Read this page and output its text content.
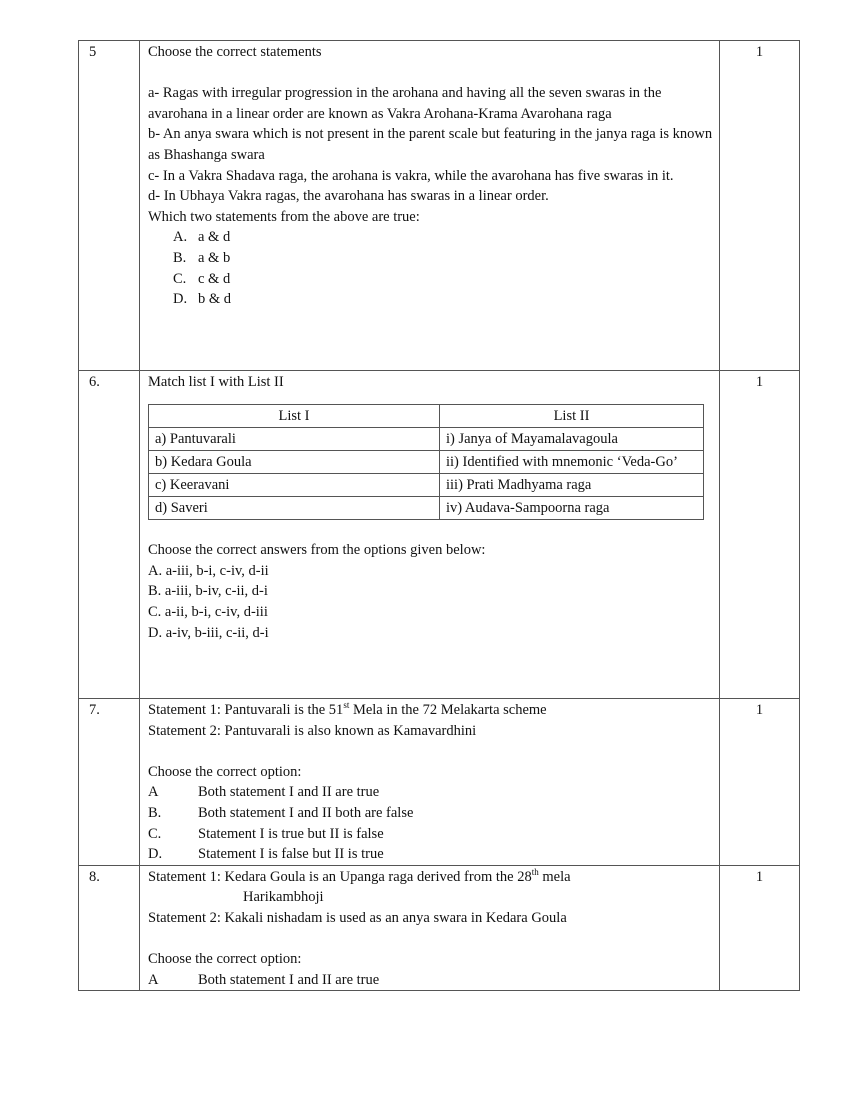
5	Choose the correct statements
a- Ragas with irregular progression in the arohana and having all the seven swaras in the avarohana in a linear order are known as Vakra Arohana-Krama Avarohana raga
b- An anya swara which is not present in the parent scale but featuring in the janya raga is known as Bhashanga swara
c- In a Vakra Shadava raga, the arohana is vakra, while the avarohana has five swaras in it.
d- In Ubhaya Vakra ragas, the avarohana has swaras in a linear order.
Which two statements from the above are true:
A. a & d
B. a & b
C. c & d
D. b & d
	1
6.	Match list I with List II
List I	List II
a) Pantuvarali	i) Janya of Mayamalavagoula
b) Kedara Goula	ii) Identified with mnemonic ‘Veda-Go’
c) Keeravani	iii) Prati Madhyama raga
d) Saveri	iv) Audava-Sampoorna raga
Choose the correct answers from the options given below:
A. a-iii, b-i, c-iv, d-ii
B. a-iii, b-iv, c-ii, d-i
C. a-ii, b-i, c-iv, d-iii
D. a-iv, b-iii, c-ii, d-i
	1
7.	Statement 1: Pantuvarali is the 51st Mela in the 72 Melakarta scheme
Statement 2: Pantuvarali is also known as Kamavardhini
Choose the correct option:
A	Both statement I and II are true
B.	Both statement I and II both are false
C.	Statement I is true but II is false
D. Statement I is false but II is true
	1
8.	Statement 1: Kedara Goula is an Upanga raga derived from the 28th mela
Harikambhoji
Statement 2: Kakali nishadam is used as an anya swara in Kedara Goula
Choose the correct option:
A	Both statement I and II are true
	1
